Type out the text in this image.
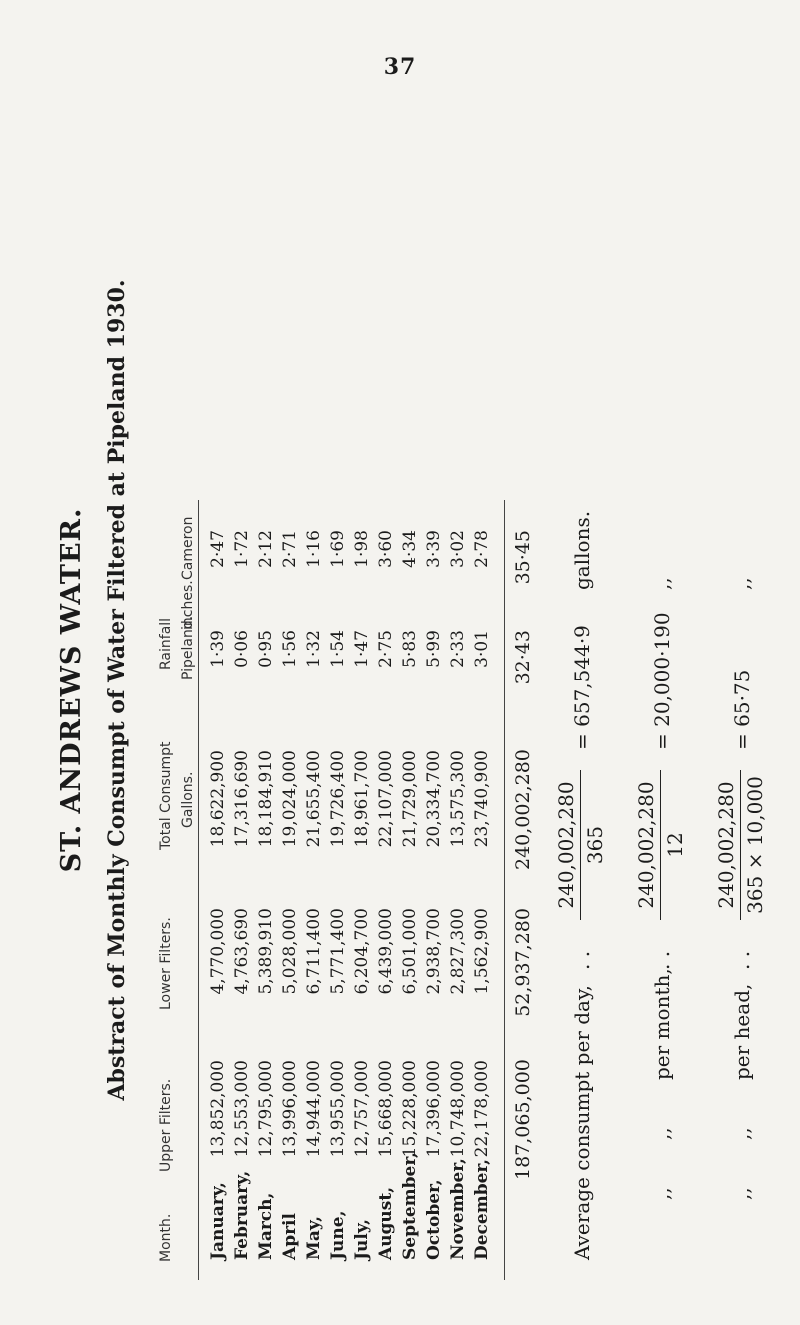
37
ST. ANDREWS WATER. Abstract of Monthly Consumpt of Water Filtered at Pipeland 1930.
Month.
Upper Filters.
Lower Filters.
Total Consumpt Gallons.
Rainfall Pipeland.
inches.
Cameron
January,
13,852,000
4,770,000
18,622,900
1·39
2·47
February,
12,553,000
4,763,690
17,316,690
0·06
1·72
March,
12,795,000
5,389,910
18,184,910
0·95
2·12
April
13,996,000
5,028,000
19,024,000
1·56
2·71
May,
14,944,000
6,711,400
21,655,400
1·32
1·16
June,
13,955,000
5,771,400
19,726,400
1·54
1·69
July,
12,757,000
6,204,700
18,961,700
1·47
1·98
August,
15,668,000
6,439,000
22,107,000
2·75
3·60
September,
15,228,000
6,501,000
21,729,000
5·83
4·34
October,
17,396,000
2,938,700
20,334,700
5·99
3·39
November,
10,748,000
2,827,300
13,575,300
2·33
3·02
December,
22,178,000
1,562,900
23,740,900
3·01
2·78
187,065,000
52,937,280
240,002,280
32·43
35·45
Average consumpt per day,
. .
240,002,280 365
= 657,544·9
gallons.
,,
,,
per month,
. .
240,002,280 12
= 20,000·190
,,
,,
,,
per head,
. .
240,002,280 365 × 10,000
= 65·75
,,
